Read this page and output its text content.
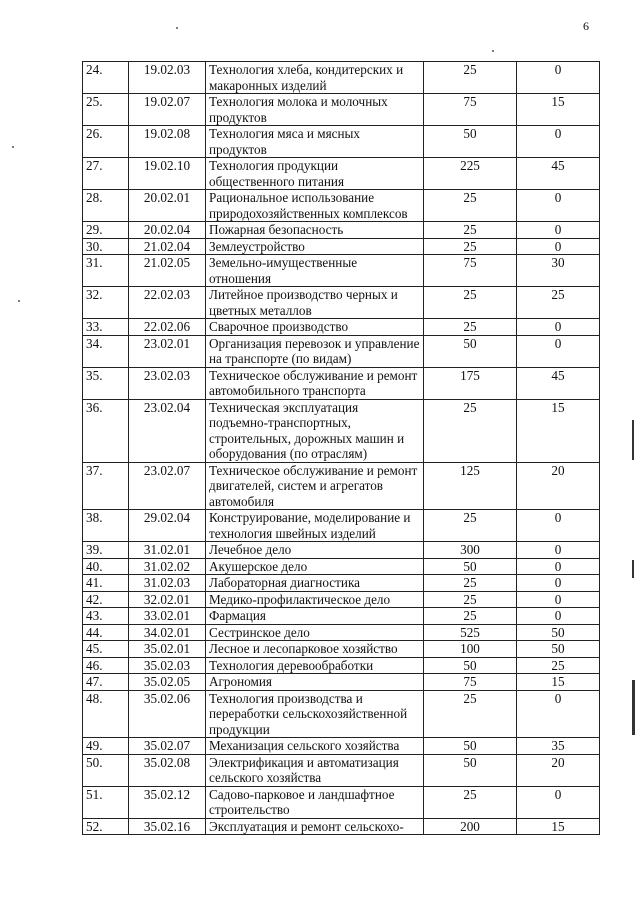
6
24.	19.02.03	Технология хлеба, кондитерских и макаронных изделий	25	0
25.	19.02.07	Технология молока и молочных продуктов	75	15
26.	19.02.08	Технология мяса и мясных продуктов	50	0
27.	19.02.10	Технология продукции общественного питания	225	45
28.	20.02.01	Рациональное использование природохозяйственных комплексов	25	0
29.	20.02.04	Пожарная безопасность	25	0
30.	21.02.04	Землеустройство	25	0
31.	21.02.05	Земельно-имущественные отношения	75	30
32.	22.02.03	Литейное производство черных и цветных металлов	25	25
33.	22.02.06	Сварочное производство	25	0
34.	23.02.01	Организация перевозок и управление на транспорте (по видам)	50	0
35.	23.02.03	Техническое обслуживание и ремонт автомобильного транспорта	175	45
36.	23.02.04	Техническая эксплуатация подъемно-транспортных, строительных, дорожных машин и оборудования (по отраслям)	25	15
37.	23.02.07	Техническое обслуживание и ремонт двигателей, систем и агрегатов автомобиля	125	20
38.	29.02.04	Конструирование, моделирование и технология швейных изделий	25	0
39.	31.02.01	Лечебное дело	300	0
40.	31.02.02	Акушерское дело	50	0
41.	31.02.03	Лабораторная диагностика	25	0
42.	32.02.01	Медико-профилактическое дело	25	0
43.	33.02.01	Фармация	25	0
44.	34.02.01	Сестринское дело	525	50
45.	35.02.01	Лесное и лесопарковое хозяйство	100	50
46.	35.02.03	Технология деревообработки	50	25
47.	35.02.05	Агрономия	75	15
48.	35.02.06	Технология производства и переработки сельскохозяйственной продукции	25	0
49.	35.02.07	Механизация сельского хозяйства	50	35
50.	35.02.08	Электрификация и автоматизация сельского хозяйства	50	20
51.	35.02.12	Садово-парковое и ландшафтное строительство	25	0
52.	35.02.16	Эксплуатация и ремонт сельскохо-	200	15
